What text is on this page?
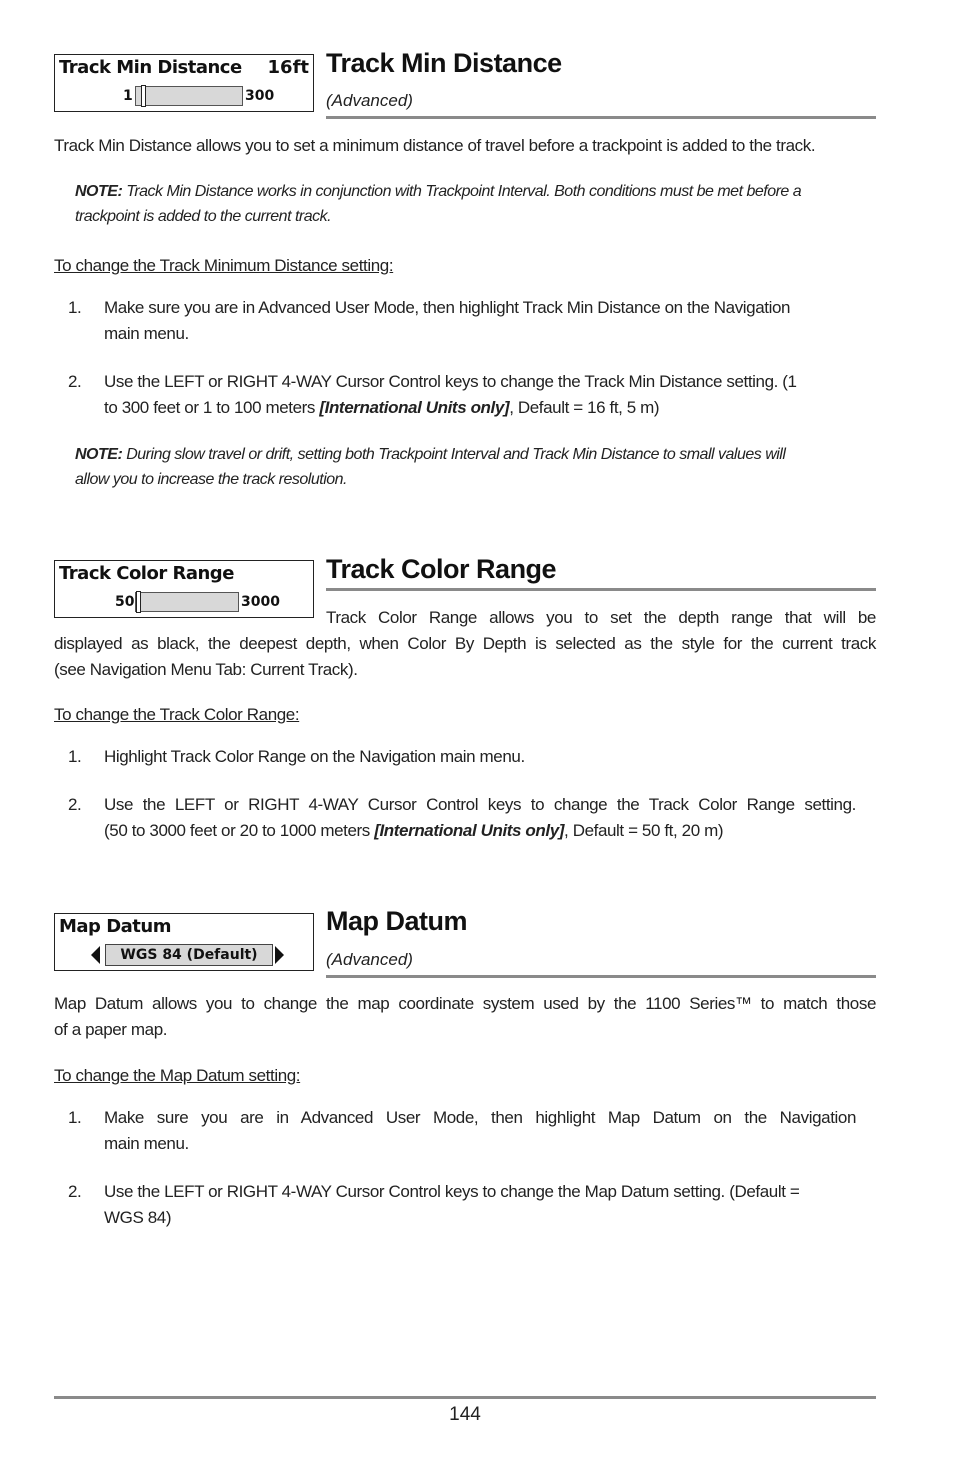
Track Min Distance 16ft
1	300
Track Min Distance
(Advanced)
Track Min Distance allows you to set a minimum distance of travel before a trackpoint is added to the track.
NOTE: Track Min Distance works in conjunction with Trackpoint Interval. Both conditions must be met before a
trackpoint is added to the current track.
To change the Track Minimum Distance setting:
1. Make sure you are in Advanced User Mode, then highlight Track Min Distance on the Navigation
main menu.
2. Use the LEFT or RIGHT 4-WAY Cursor Control keys to change the Track Min Distance setting. (1
to 300 feet or 1 to 100 meters [International Units only], Default = 16 ft, 5 m)
NOTE: During slow travel or drift, setting both Trackpoint Interval and Track Min Distance to small values will
allow you to increase the track resolution.
Track Color Range
50	3000
Track Color Range
Track Color Range allows you to set the depth range that will be
displayed as black, the deepest depth, when Color By Depth is selected as the style for the current track
(see Navigation Menu Tab: Current Track).
To change the Track Color Range:
1. Highlight Track Color Range on the Navigation main menu.
2. Use the LEFT or RIGHT 4-WAY Cursor Control keys to change the Track Color Range setting.
(50 to 3000 feet or 20 to 1000 meters [International Units only], Default = 50 ft, 20 m)
Map Datum
WGS 84 (Default)
Map Datum
(Advanced)
Map Datum allows you to change the map coordinate system used by the 1100 Series™ to match those
of a paper map.
To change the Map Datum setting:
1. Make sure you are in Advanced User Mode, then highlight Map Datum on the Navigation
main menu.
2. Use the LEFT or RIGHT 4-WAY Cursor Control keys to change the Map Datum setting. (Default =
WGS 84)
144
